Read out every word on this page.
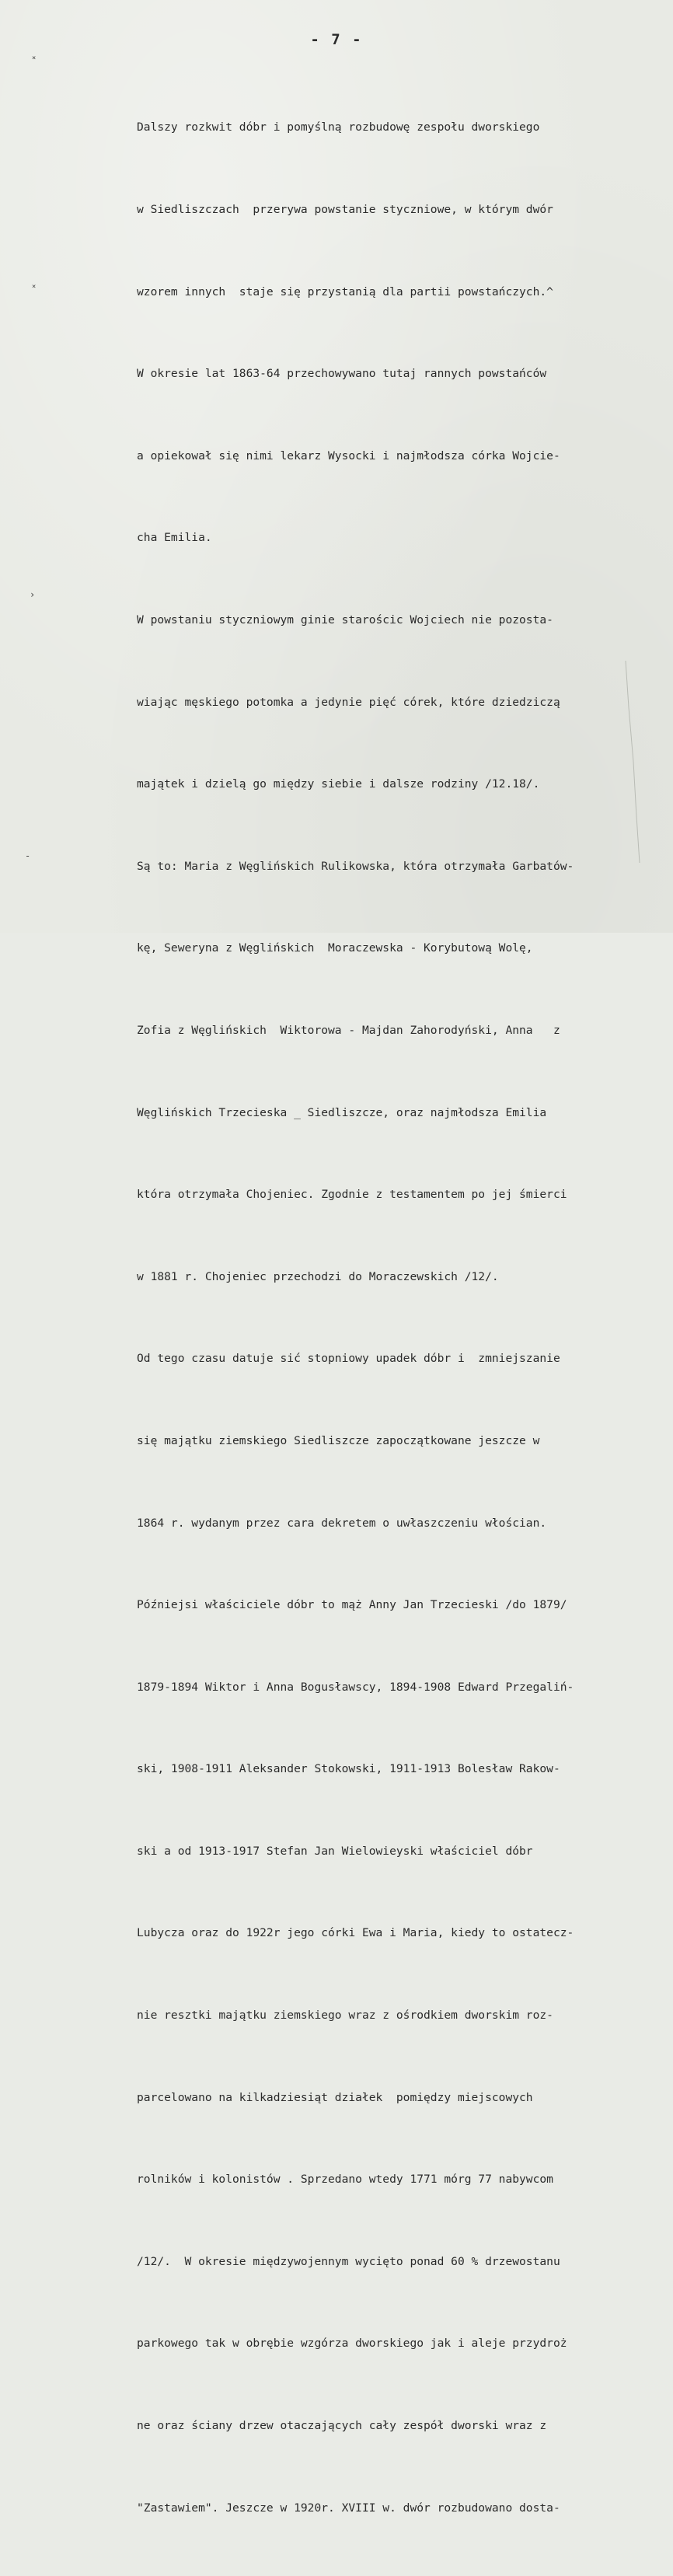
- 7 -
˟
˟
›
-

Dalszy rozkwit dóbr i pomyślną rozbudowę zespołu dworskiego

w Siedliszczach  przerywa powstanie styczniowe, w którym dwór

wzorem innych  staje się przystanią dla partii powstańczych.^

W okresie lat 1863-64 przechowywano tutaj rannych powstańców

a opiekował się nimi lekarz Wysocki i najmłodsza córka Wojcie-

cha Emilia.

W powstaniu styczniowym ginie starościc Wojciech nie pozosta-

wiając męskiego potomka a jedynie pięć córek, które dziedziczą

majątek i dzielą go między siebie i dalsze rodziny /12.18/.

Są to: Maria z Węglińskich Rulikowska, która otrzymała Garbatów-

kę, Seweryna z Węglińskich  Moraczewska - Korybutową Wolę,

Zofia z Węglińskich  Wiktorowa - Majdan Zahorodyński, Anna   z

Węglińskich Trzecieska _ Siedliszcze, oraz najmłodsza Emilia

która otrzymała Chojeniec. Zgodnie z testamentem po jej śmierci

w 1881 r. Chojeniec przechodzi do Moraczewskich /12/.

Od tego czasu datuje sić stopniowy upadek dóbr i  zmniejszanie

się majątku ziemskiego Siedliszcze zapoczątkowane jeszcze w

1864 r. wydanym przez cara dekretem o uwłaszczeniu włościan.

Późniejsi właściciele dóbr to mąż Anny Jan Trzecieski /do 1879/

1879-1894 Wiktor i Anna Bogusławscy, 1894-1908 Edward Przegaliń-

ski, 1908-1911 Aleksander Stokowski, 1911-1913 Bolesław Rakow-

ski a od 1913-1917 Stefan Jan Wielowieyski właściciel dóbr

Lubycza oraz do 1922r jego córki Ewa i Maria, kiedy to ostatecz-

nie resztki majątku ziemskiego wraz z ośrodkiem dworskim roz-

parcelowano na kilkadziesiąt działek  pomiędzy miejscowych

rolników i kolonistów . Sprzedano wtedy 1771 mórg 77 nabywcom

/12/.  W okresie międzywojennym wycięto ponad 60 % drzewostanu

parkowego tak w obrębie wzgórza dworskiego jak i aleje przydroż

ne oraz ściany drzew otaczających cały zespół dworski wraz z

"Zastawiem". Jeszcze w 1920r. XVIII w. dwór rozbudowano dosta-
